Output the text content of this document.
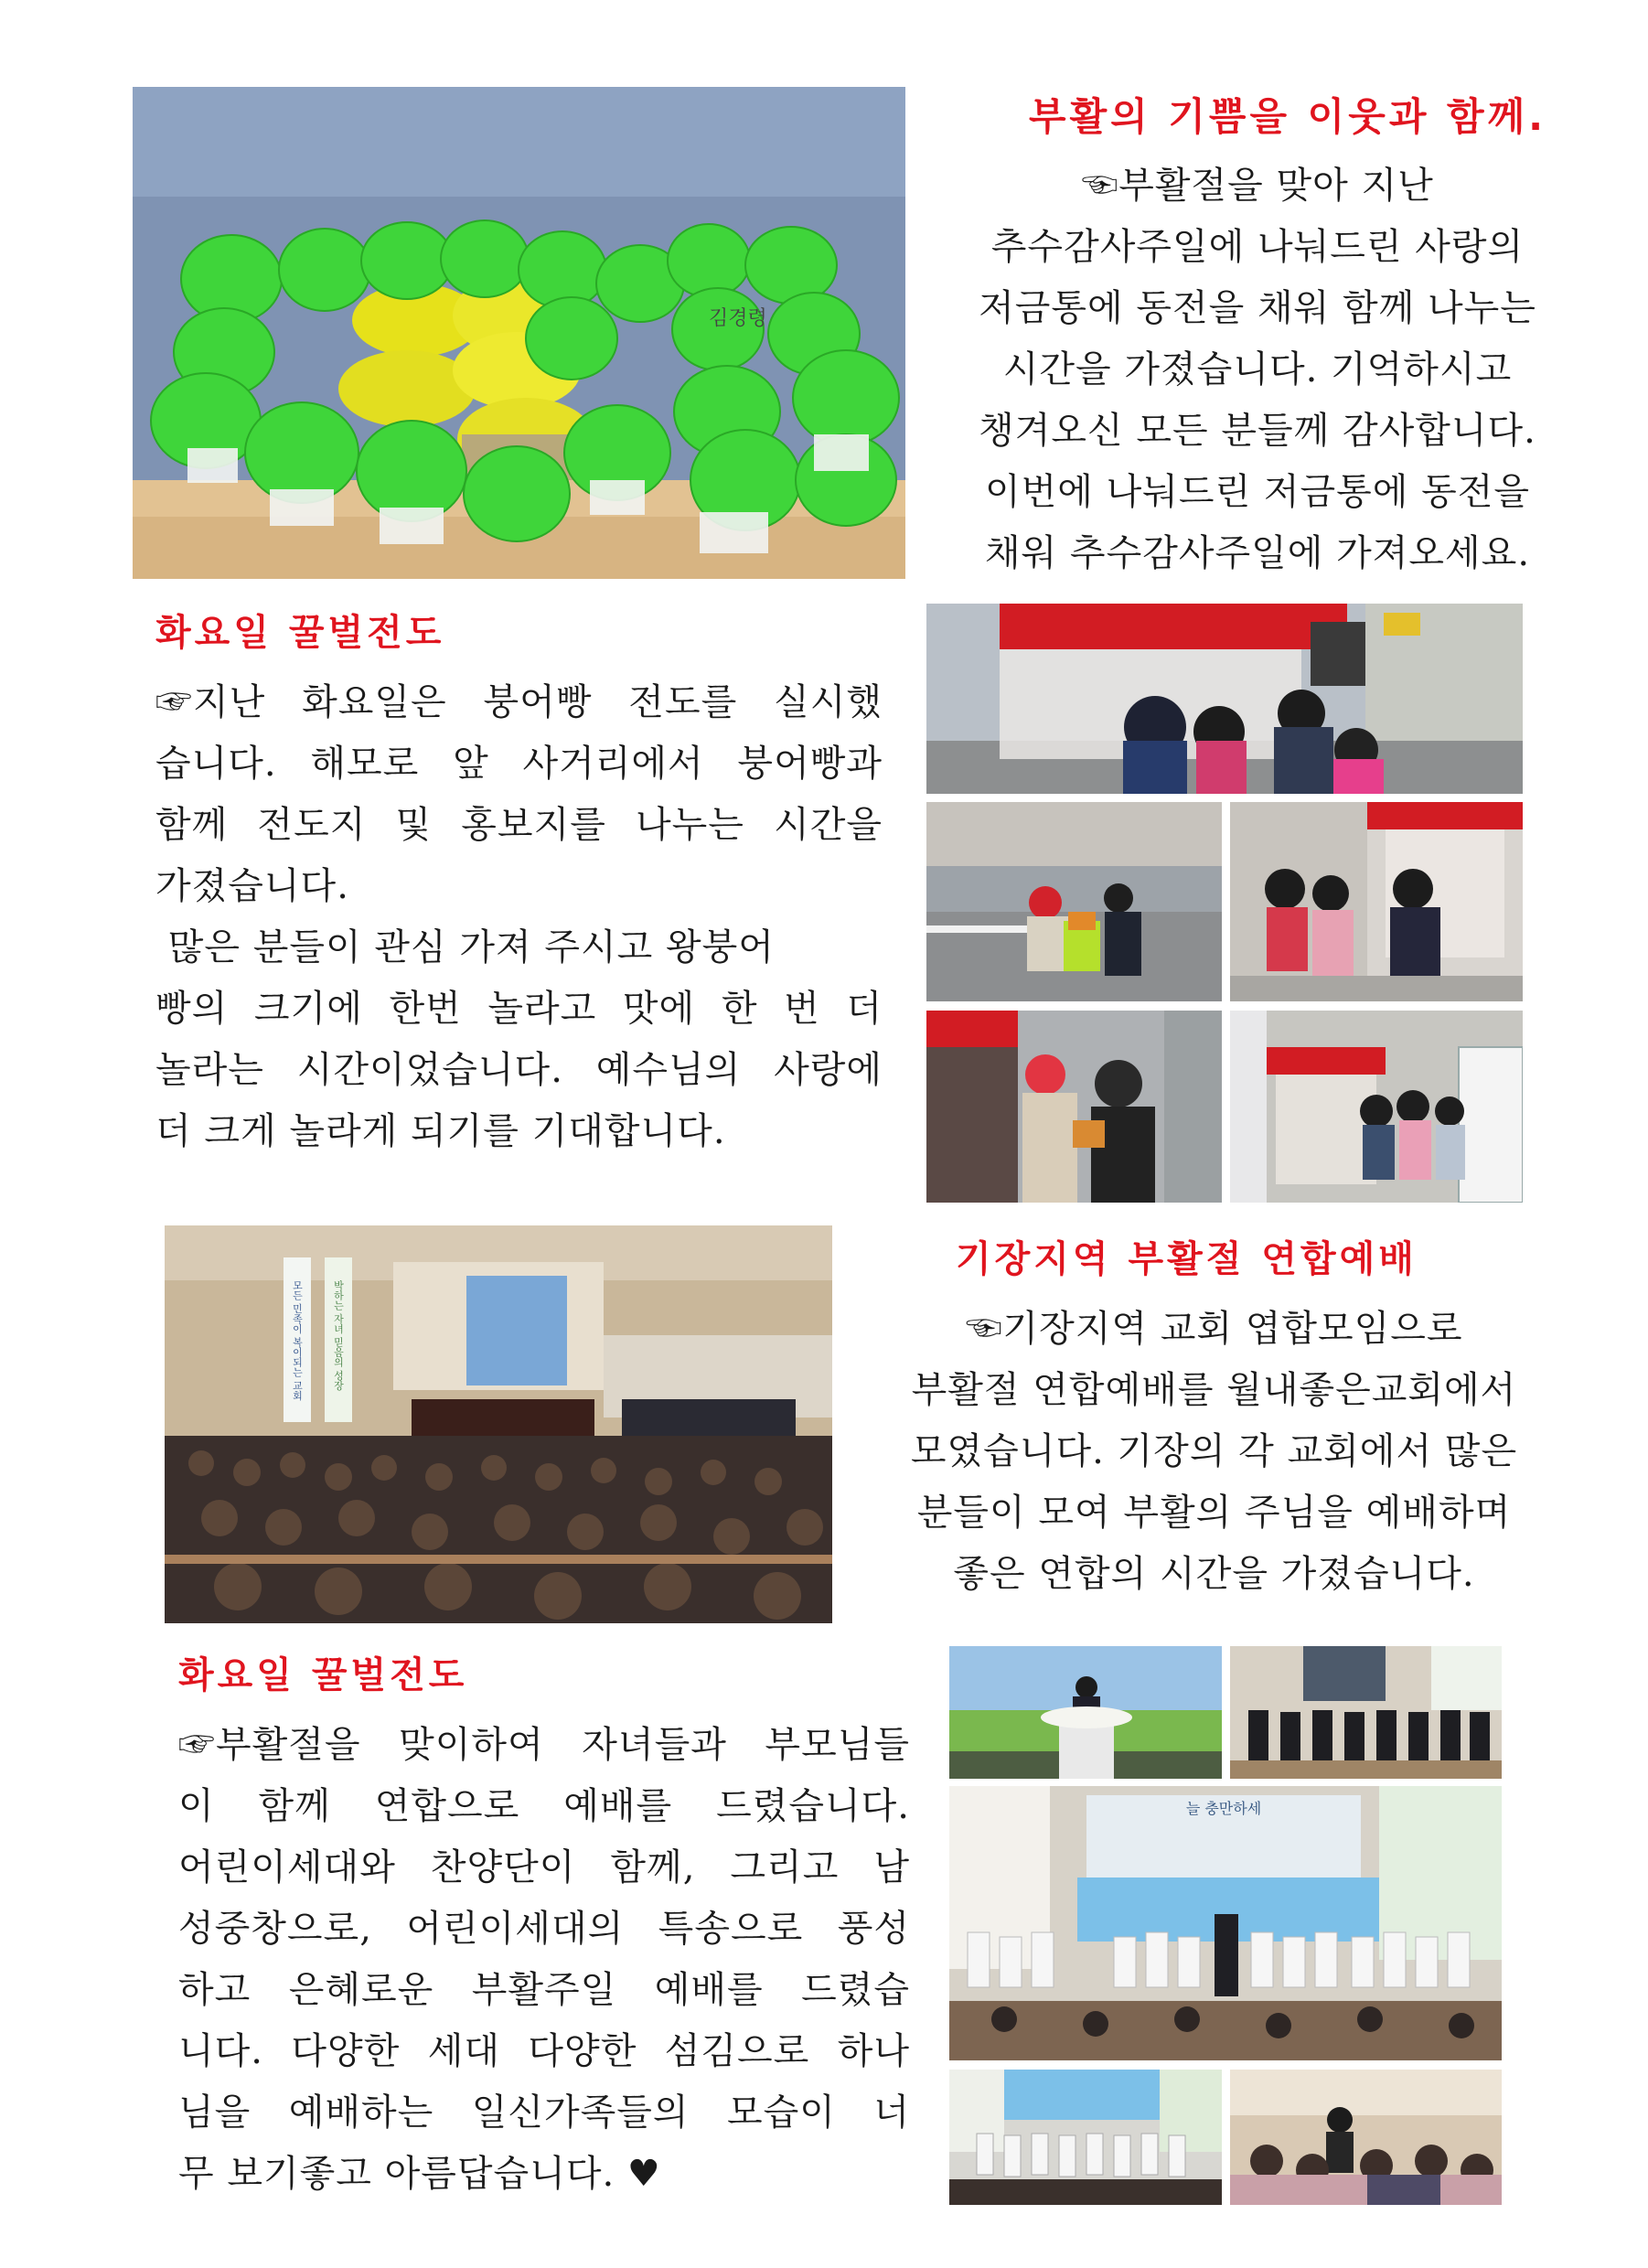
김경령
부활의 기쁨을 이웃과 함께.
☜부활절을 맞아 지난
추수감사주일에 나눠드린 사랑의
저금통에 동전을 채워 함께 나누는
시간을 가졌습니다. 기억하시고
챙겨오신 모든 분들께 감사합니다.
이번에 나눠드린 저금통에 동전을
채워 추수감사주일에 가져오세요.
화요일 꿀벌전도
☞지난 화요일은 붕어빵 전도를 실시했
습니다. 해모로 앞 사거리에서 붕어빵과
함께 전도지 및 홍보지를 나누는 시간을
가졌습니다.
많은 분들이 관심 가져 주시고 왕붕어
빵의 크기에 한번 놀라고 맛에 한 번 더
놀라는 시간이었습니다. 예수님의 사랑에
더 크게 놀라게 되기를 기대합니다.
모든 민족이 복이되는 교회	박하는 자녀 믿음의 성장
기장지역 부활절 연합예배
☜기장지역 교회 엽합모임으로
부활절 연합예배를 월내좋은교회에서
모였습니다. 기장의 각 교회에서 많은
분들이 모여 부활의 주님을 예배하며
좋은 연합의 시간을 가졌습니다.
화요일 꿀벌전도
☞부활절을 맞이하여 자녀들과 부모님들
이 함께 연합으로 예배를 드렸습니다.
어린이세대와 찬양단이 함께, 그리고 남
성중창으로, 어린이세대의 특송으로 풍성
하고 은혜로운 부활주일 예배를 드렸습
니다. 다양한 세대 다양한 섬김으로 하나
님을 예배하는 일신가족들의 모습이 너
무 보기좋고 아름답습니다. ♥
늘 충만하세
